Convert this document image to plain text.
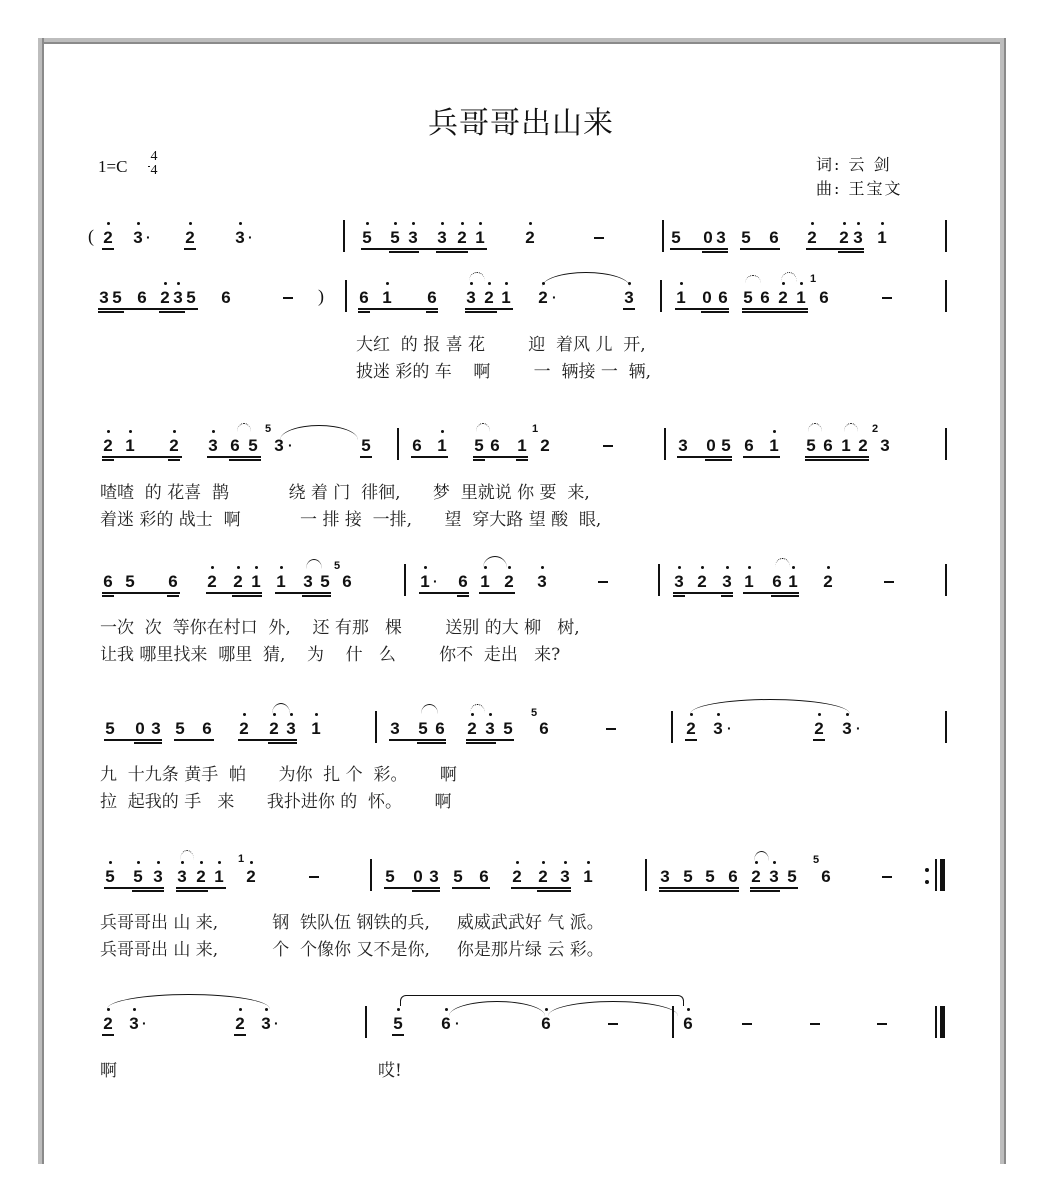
兵哥哥出山来
1=C
4
4	词: 云 剑
曲: 王宝文
( 2 3 · 2 3 ·	5 5 3 3 2 1 2	5 0 3 5 6 2 2 3 1
3 5 6 2 3 5 6	) 6 1 6 3 2 1 2 ·	3	1 0 6 5 6 2 1
1
6
大红  的 报 喜 花        迎  着风 儿  开,
披迷 彩的 车    啊        一  辆接 一  辆,
2 1 2 3 6 5
5
3 ·	5 6 1 5 6 1
1
2	3 0 5 6 1 5 6 1 2
2
3
喳喳  的 花喜  鹊           绕 着 门  徘徊,      梦  里就说 你 要  来,
着迷 彩的 战士  啊           一 排 接  一排,      望  穿大路 望 酸  眼,
6 5 6 2 2 1 1 3 5
5
6	1 · 6 1 2 3	3 2 3 1 6 1 2
一次  次  等你在村口  外,    还 有那   棵        送别 的大 柳   树,
让我 哪里找来  哪里  猜,    为    什   么        你不  走出   来?
5 0 3 5 6 2 2 3 1	3 5 6 2 3 5
5
6	2 3 ·	2 3 ·
九  十九条 黄手  帕      为你  扎 个  彩。      啊
拉  起我的 手   来      我扑进你 的  怀。      啊
5 5 3 3 2 1
1
2	5 0 3 5 6 2 2 3 1	3 5 5 6 2 3 5
5
6
兵哥哥出 山 来,          钢  铁队伍 钢铁的兵,     威威武武好 气 派。
兵哥哥出 山 来,          个  个像你 又不是你,     你是那片绿 云 彩。
2 3 ·	2 3 ·	5 6 ·	6	6
啊	哎!
